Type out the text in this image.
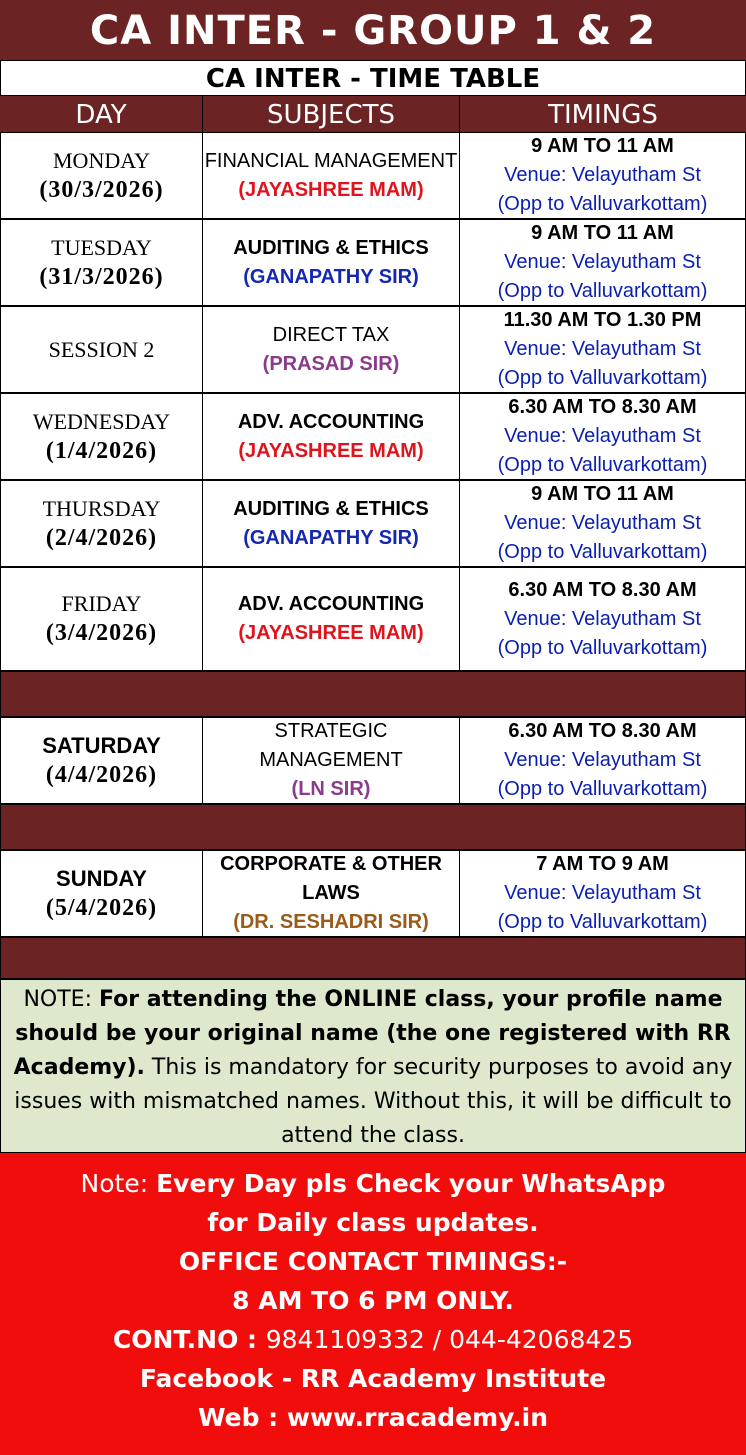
CA INTER - GROUP 1 & 2
CA INTER - TIME TABLE
DAY	SUBJECTS	TIMINGS
MONDAY
(30/3/2026)
FINANCIAL MANAGEMENT
(JAYASHREE MAM)
9 AM TO 11 AM
Venue: Velayutham St
(Opp to Valluvarkottam)
TUESDAY
(31/3/2026)
AUDITING & ETHICS
(GANAPATHY SIR)
9 AM TO 11 AM
Venue: Velayutham St
(Opp to Valluvarkottam)
SESSION 2
DIRECT TAX
(PRASAD SIR)
11.30 AM TO 1.30 PM
Venue: Velayutham St
(Opp to Valluvarkottam)
WEDNESDAY
(1/4/2026)
ADV. ACCOUNTING
(JAYASHREE MAM)
6.30 AM TO 8.30 AM
Venue: Velayutham St
(Opp to Valluvarkottam)
THURSDAY
(2/4/2026)
AUDITING & ETHICS
(GANAPATHY SIR)
9 AM TO 11 AM
Venue: Velayutham St
(Opp to Valluvarkottam)
FRIDAY
(3/4/2026)
ADV. ACCOUNTING
(JAYASHREE MAM)
6.30 AM TO 8.30 AM
Venue: Velayutham St
(Opp to Valluvarkottam)
SATURDAY
(4/4/2026)
STRATEGIC MANAGEMENT
(LN SIR)
6.30 AM TO 8.30 AM
Venue: Velayutham St
(Opp to Valluvarkottam)
SUNDAY
(5/4/2026)
CORPORATE & OTHER
LAWS
(DR. SESHADRI SIR)
7 AM TO 9 AM
Venue: Velayutham St
(Opp to Valluvarkottam)
NOTE: For attending the ONLINE class, your profile name should be your original name (the one registered with RR Academy). This is mandatory for security purposes to avoid any issues with mismatched names. Without this, it will be difficult to attend the class.
Note: Every Day pls Check your WhatsApp
for Daily class updates.
OFFICE CONTACT TIMINGS:-
8 AM TO 6 PM ONLY.
CONT.NO : 9841109332 / 044-42068425
Facebook - RR Academy Institute
Web : www.rracademy.in
